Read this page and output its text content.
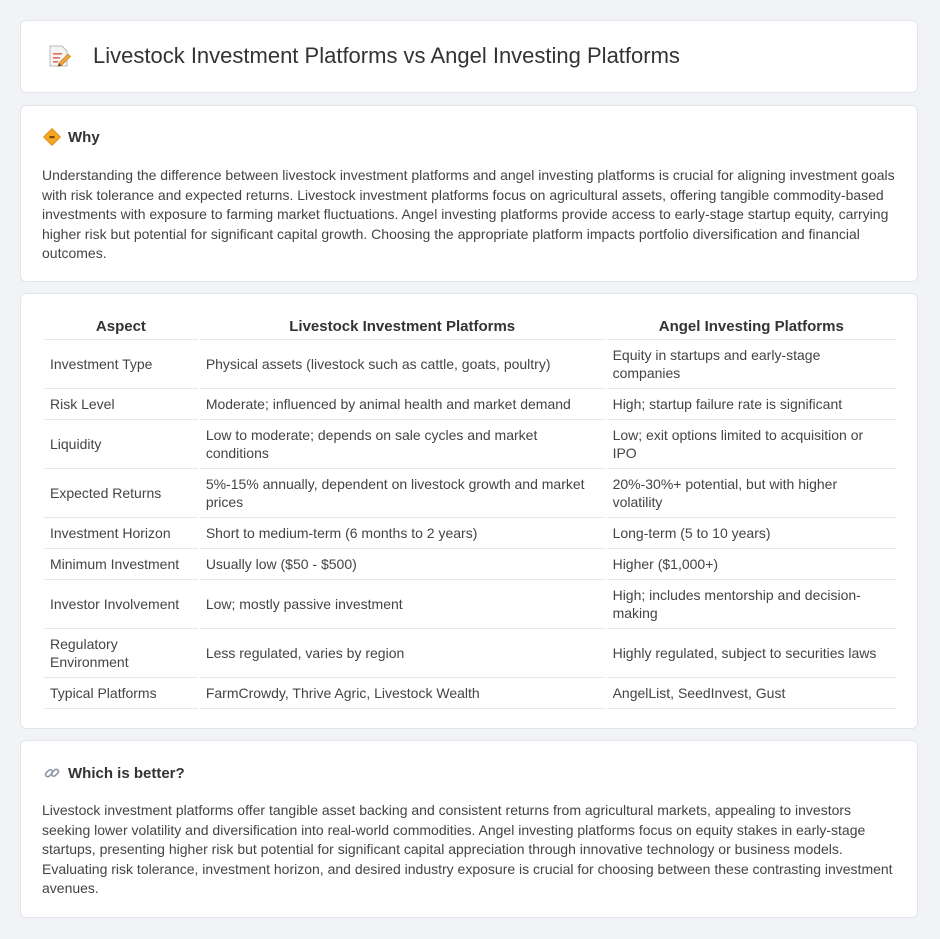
Livestock Investment Platforms vs Angel Investing Platforms
Why
Understanding the difference between livestock investment platforms and angel investing platforms is crucial for aligning investment goals with risk tolerance and expected returns. Livestock investment platforms focus on agricultural assets, offering tangible commodity-based investments with exposure to farming market fluctuations. Angel investing platforms provide access to early-stage startup equity, carrying higher risk but potential for significant capital growth. Choosing the appropriate platform impacts portfolio diversification and financial outcomes.
Aspect	Livestock Investment Platforms	Angel Investing Platforms
Investment Type	Physical assets (livestock such as cattle, goats, poultry)	Equity in startups and early-stage companies
Risk Level	Moderate; influenced by animal health and market demand	High; startup failure rate is significant
Liquidity	Low to moderate; depends on sale cycles and market conditions	Low; exit options limited to acquisition or IPO
Expected Returns	5%-15% annually, dependent on livestock growth and market prices	20%-30%+ potential, but with higher volatility
Investment Horizon	Short to medium-term (6 months to 2 years)	Long-term (5 to 10 years)
Minimum Investment	Usually low ($50 - $500)	Higher ($1,000+)
Investor Involvement	Low; mostly passive investment	High; includes mentorship and decision-making
Regulatory Environment	Less regulated, varies by region	Highly regulated, subject to securities laws
Typical Platforms	FarmCrowdy, Thrive Agric, Livestock Wealth	AngelList, SeedInvest, Gust
Which is better?
Livestock investment platforms offer tangible asset backing and consistent returns from agricultural markets, appealing to investors seeking lower volatility and diversification into real-world commodities. Angel investing platforms focus on equity stakes in early-stage startups, presenting higher risk but potential for significant capital appreciation through innovative technology or business models. Evaluating risk tolerance, investment horizon, and desired industry exposure is crucial for choosing between these contrasting investment avenues.
